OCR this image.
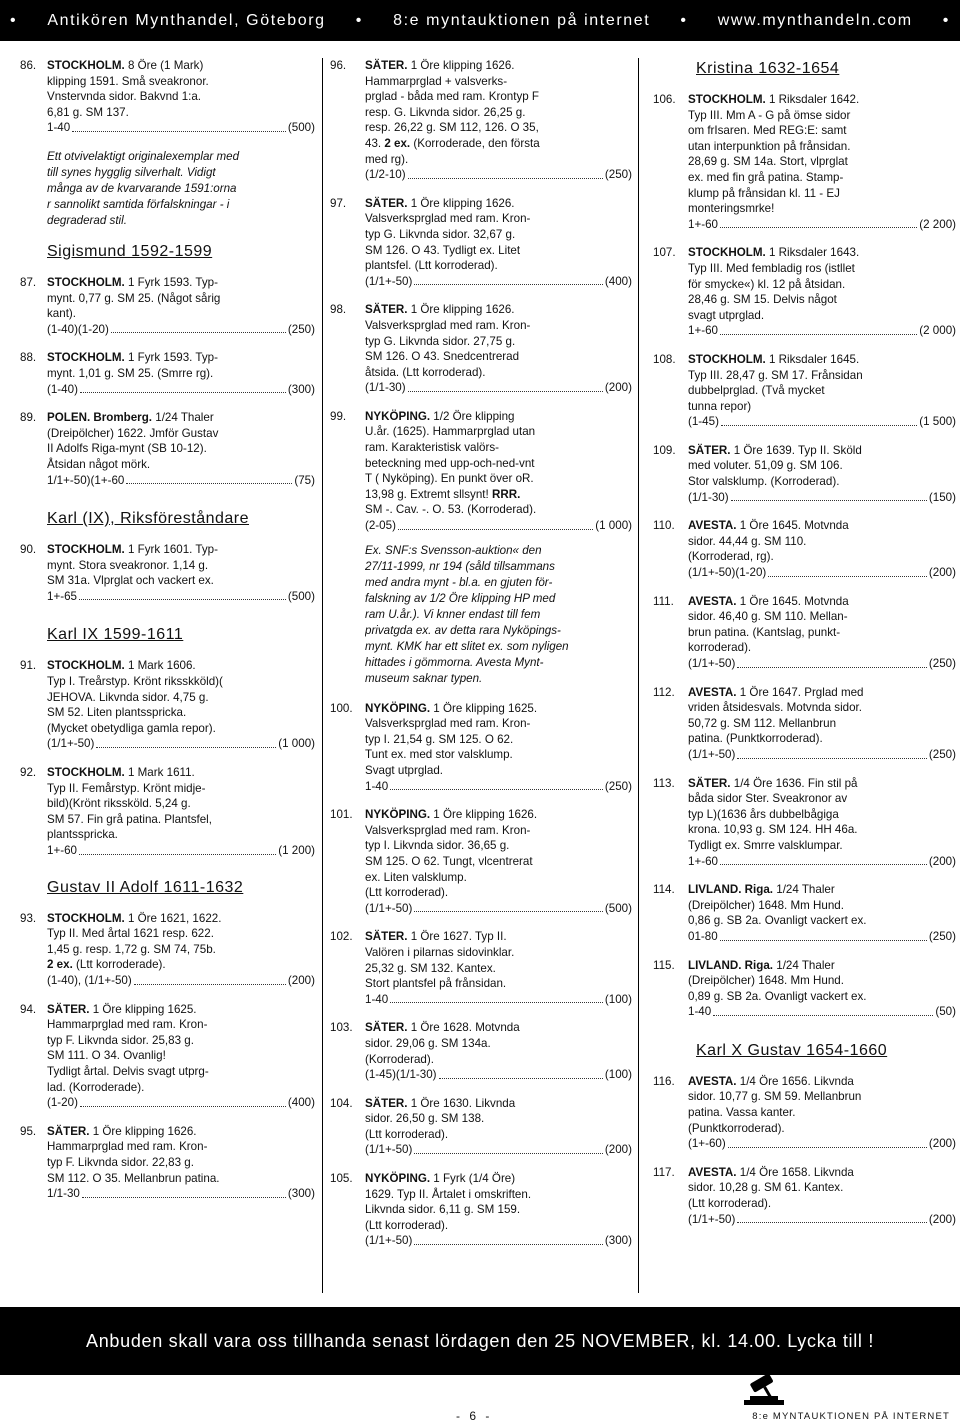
• Antikören Mynthandel, Göteborg • 8:e myntauktionen på internet • www.mynthandeln.com •
86. STOCKHOLM. 8 Öre (1 Mark)
klipping 1591. Små sveakronor.
Vnstervnda sidor. Bakvnd 1:a.
6,81 g. SM 137.
1-40	(500)
Ett otvivelaktigt originalexemplar med
till synes hygglig silverhalt. Vidigt
många av de kvarvarande 1591:orna
r sannolikt samtida förfalskningar - i
degraderad stil.
Sigismund 1592-1599
87. STOCKHOLM. 1 Fyrk 1593. Typ-
mynt. 0,77 g. SM 25. (Något sårig
kant).
(1-40)(1-20)	(250)
88. STOCKHOLM. 1 Fyrk 1593. Typ-
mynt. 1,01 g. SM 25. (Smrre rg).
(1-40)	(300)
89. POLEN. Bromberg. 1/24 Thaler
(Dreipölcher) 1622. Jmför Gustav
II Adolfs Riga-mynt (SB 10-12).
Åtsidan något mörk.
1/1+-50)(1+-60	(75)
Karl (IX), Riksföreståndare
90. STOCKHOLM. 1 Fyrk 1601. Typ-
mynt. Stora sveakronor. 1,14 g.
SM 31a. Vlprglat och vackert ex.
1+-65	(500)
Karl IX 1599-1611
91. STOCKHOLM. 1 Mark 1606.
Typ I. Treårstyp. Krönt riksskköld)(
JEHOVA. Likvnda sidor. 4,75 g.
SM 52. Liten plantsspricka.
(Mycket obetydliga gamla repor).
(1/1+-50)	(1 000)
92. STOCKHOLM. 1 Mark 1611.
Typ II. Femårstyp. Krönt midje-
bild)(Krönt rikssköld. 5,24 g.
SM 57. Fin grå patina. Plantsfel,
plantsspricka.
1+-60	(1 200)
Gustav II Adolf 1611-1632
93. STOCKHOLM. 1 Öre 1621, 1622.
Typ II. Med årtal 1621 resp. 622.
1,45 g. resp. 1,72 g. SM 74, 75b.
2 ex. (Ltt korroderade).
(1-40), (1/1+-50)	(200)
94. SÄTER. 1 Öre klipping 1625.
Hammarprglad med ram. Kron-
typ F. Likvnda sidor. 25,83 g.
SM 111. O 34. Ovanlig!
Tydligt årtal. Delvis svagt utprg-
lad. (Korroderade).
(1-20)	(400)
95. SÄTER. 1 Öre klipping 1626.
Hammarprglad med ram. Kron-
typ F. Likvnda sidor. 22,83 g.
SM 112. O 35. Mellanbrun patina.
1/1-30	(300)
96.	SÄTER. 1 Öre klipping 1626.
Hammarprglad + valsverks-
prglad - båda med ram. Krontyp F
resp. G. Likvnda sidor. 26,25 g.
resp. 26,22 g. SM 112, 126. O 35,
43. 2 ex. (Korroderade, den första
med rg).
(1/2-10)	(250)
97.	SÄTER. 1 Öre klipping 1626.
Valsverksprglad med ram. Kron-
typ G. Likvnda sidor. 32,67 g.
SM 126. O 43. Tydligt ex. Litet
plantsfel. (Ltt korroderad).
(1/1+-50)	(400)
98.	SÄTER. 1 Öre klipping 1626.
Valsverksprglad med ram. Kron-
typ G. Likvnda sidor. 27,75 g.
SM 126. O 43. Snedcentrerad
åtsida. (Ltt korroderad).
(1/1-30)	(200)
99.	NYKÖPING. 1/2 Öre klipping
U.år. (1625). Hammarprglad utan
ram. Karakteristisk valörs-
beteckning med upp-och-ned-vnt
T ( Nyköping). En punkt över oR.
13,98 g. Extremt sllsynt! RRR.
SM -. Cav. -. O. 53. (Korroderad).
(2-05)	(1 000)
Ex. SNF:s Svensson-auktion« den
27/11-1999, nr 194 (såld tillsammans
med andra mynt - bl.a. en gjuten för-
falskning av 1/2 Öre klipping HP med
ram U.år.). Vi knner endast till fem
privatgda ex. av detta rara Nyköpings-
mynt. KMK har ett slitet ex. som nyligen
hittades i gömmorna. Avesta Mynt-
museum saknar typen.
100.	NYKÖPING. 1 Öre klipping 1625.
Valsverksprglad med ram. Kron-
typ I. 21,54 g. SM 125. O 62.
Tunt ex. med stor valsklump.
Svagt utprglad.
1-40	(250)
101.	NYKÖPING. 1 Öre klipping 1626.
Valsverksprglad med ram. Kron-
typ I. Likvnda sidor. 36,65 g.
SM 125. O 62. Tungt, vlcentrerat
ex. Liten valsklump.
(Ltt korroderad).
(1/1+-50)	(500)
102.	SÄTER. 1 Öre 1627. Typ II.
Valören i pilarnas sidovinklar.
25,32 g. SM 132. Kantex.
Stort plantsfel på frånsidan.
1-40	(100)
103.	SÄTER. 1 Öre 1628. Motvnda
sidor. 29,06 g. SM 134a.
(Korroderad).
(1-45)(1/1-30)	(100)
104.	SÄTER. 1 Öre 1630. Likvnda
sidor. 26,50 g. SM 138.
(Ltt korroderad).
(1/1+-50)	(200)
105.	NYKÖPING. 1 Fyrk (1/4 Öre)
1629. Typ II. Årtalet i omskriften.
Likvnda sidor. 6,11 g. SM 159.
(Ltt korroderad).
(1/1+-50)	(300)
Kristina 1632-1654
106.	STOCKHOLM. 1 Riksdaler 1642.
Typ III. Mm A - G på ömse sidor
om frIsaren. Med REG:E: samt
utan interpunktion på frånsidan.
28,69 g. SM 14a. Stort, vlprglat
ex. med fin grå patina. Stamp-
klump på frånsidan kl. 11 - EJ
monteringsmrke!
1+-60	(2 200)
107.	STOCKHOLM. 1 Riksdaler 1643.
Typ III. Med fembladig ros (istllet
för smycke«) kl. 12 på åtsidan.
28,46 g. SM 15. Delvis något
svagt utprglad.
1+-60	(2 000)
108.	STOCKHOLM. 1 Riksdaler 1645.
Typ III. 28,47 g. SM 17. Frånsidan
dubbelprglad. (Två mycket
tunna repor)
(1-45)	(1 500)
109.	SÄTER. 1 Öre 1639. Typ II. Sköld
med voluter. 51,09 g. SM 106.
Stor valsklump. (Korroderad).
(1/1-30)	(150)
110.	AVESTA. 1 Öre 1645. Motvnda
sidor. 44,44 g. SM 110.
(Korroderad, rg).
(1/1+-50)(1-20)	(200)
111.	AVESTA. 1 Öre 1645. Motvnda
sidor. 46,40 g. SM 110. Mellan-
brun patina. (Kantslag, punkt-
korroderad).
(1/1+-50)	(250)
112.	AVESTA. 1 Öre 1647. Prglad med
vriden åtsidesvals. Motvnda sidor.
50,72 g. SM 112. Mellanbrun
patina. (Punktkorroderad).
(1/1+-50)	(250)
113.	SÄTER. 1/4 Öre 1636. Fin stil på
båda sidor Ster. Sveakronor av
typ L)(1636 års dubbelbågiga
krona. 10,93 g. SM 124. HH 46a.
Tydligt ex. Smrre valsklumpar.
1+-60	(200)
114.	LIVLAND. Riga. 1/24 Thaler
(Dreipölcher) 1648. Mm Hund.
0,86 g. SB 2a. Ovanligt vackert ex.
01-80	(250)
115.	LIVLAND. Riga. 1/24 Thaler
(Dreipölcher) 1648. Mm Hund.
0,89 g. SB 2a. Ovanligt vackert ex.
1-40	(50)
Karl X Gustav 1654-1660
116.	AVESTA. 1/4 Öre 1656. Likvnda
sidor. 10,77 g. SM 59. Mellanbrun
patina. Vassa kanter.
(Punktkorroderad).
(1+-60)	(200)
117.	AVESTA. 1/4 Öre 1658. Likvnda
sidor. 10,28 g. SM 61. Kantex.
(Ltt korroderad).
(1/1+-50)	(200)
Anbuden skall vara oss tillhanda senast lördagen den 25 NOVEMBER, kl. 14.00. Lycka till !
- 6 -	8:e MYNTAUKTIONEN PÅ INTERNET
